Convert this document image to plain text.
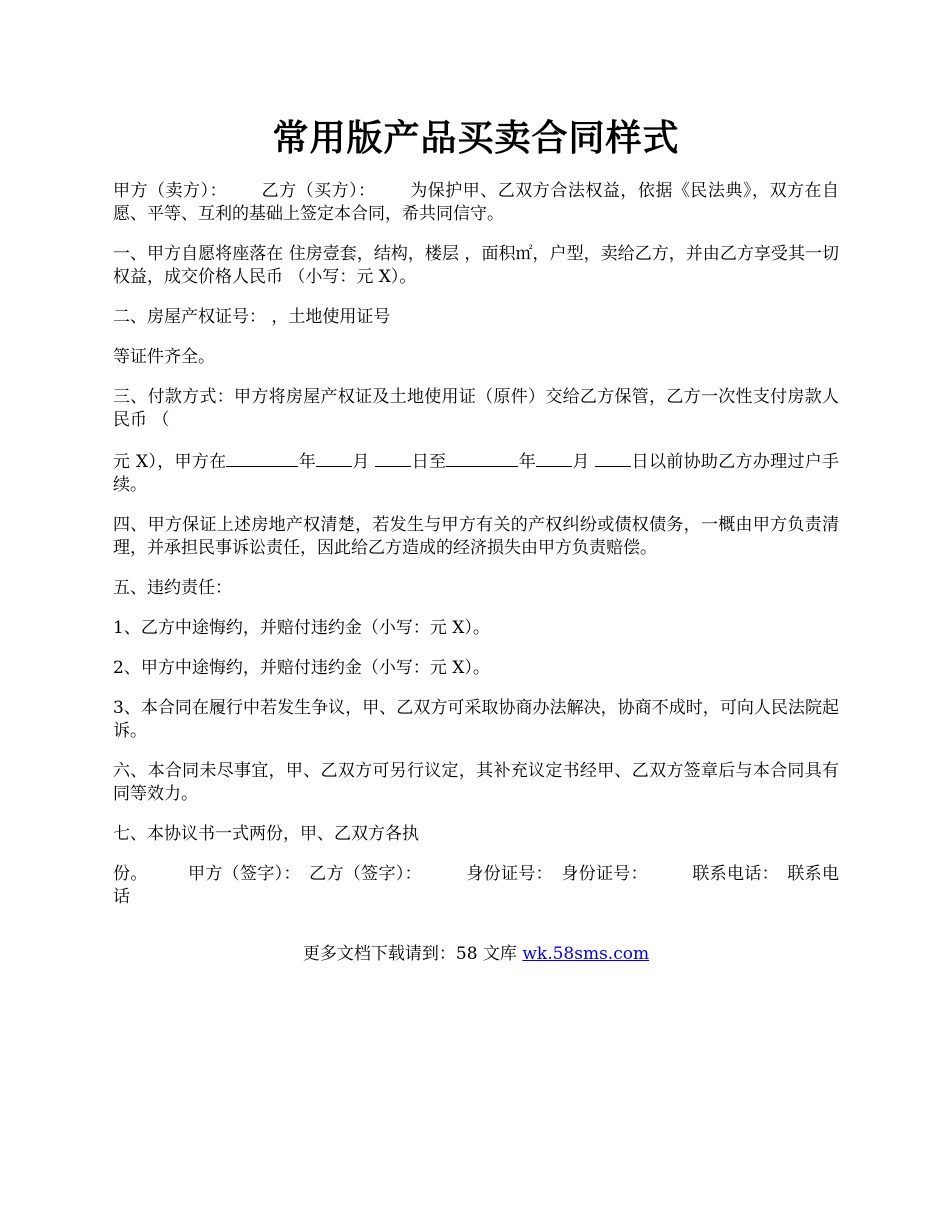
常用版产品买卖合同样式

甲方（卖方）： 乙方（买方）： 为保护甲、乙双方合法权益，依据《民法典》，双方在自愿、平等、互利的基础上签定本合同，希共同信守。

一、甲方自愿将座落在 住房壹套，结构，楼层 ，面积㎡，户型，卖给乙方，并由乙方享受其一切权益，成交价格人民币 （小写：元 X）。

二、房屋产权证号： ，土地使用证号

等证件齐全。

三、付款方式：甲方将房屋产权证及土地使用证（原件）交给乙方保管，乙方一次性支付房款人民币 （

元 X），甲方在	年 月 日至	年 月 日以前协助乙方办理过户手续。

四、甲方保证上述房地产权清楚，若发生与甲方有关的产权纠纷或债权债务，一概由甲方负责清理，并承担民事诉讼责任，因此给乙方造成的经济损失由甲方负责赔偿。

五、违约责任：

1、乙方中途悔约，并赔付违约金（小写：元 X）。

2、甲方中途悔约，并赔付违约金（小写：元 X）。

3、本合同在履行中若发生争议，甲、乙双方可采取协商办法解决，协商不成时，可向人民法院起诉。

六、本合同未尽事宜，甲、乙双方可另行议定，其补充议定书经甲、乙双方签章后与本合同具有同等效力。

七、本协议书一式两份，甲、乙双方各执

份。 甲方（签字）： 乙方（签字）：	身份证号： 身份证号：	联系电话： 联系电话

更多文档下载请到：58 文库 wk.58sms.com
